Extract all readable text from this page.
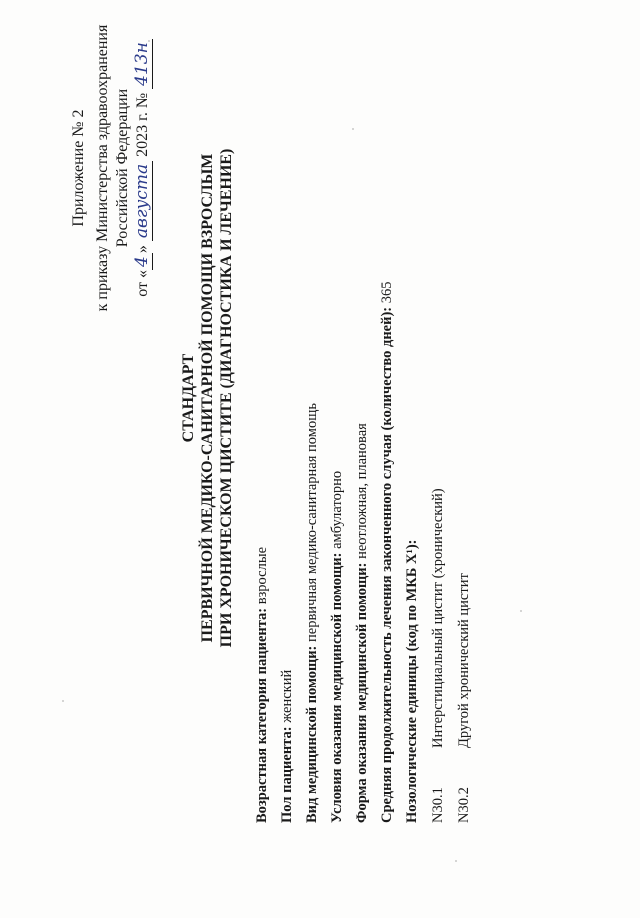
Приложение № 2 к приказу Министерства здравоохранения Российской Федерации
от «4» августа 2023 г. № 413н
СТАНДАРТ ПЕРВИЧНОЙ МЕДИКО-САНИТАРНОЙ ПОМОЩИ ВЗРОСЛЫМ ПРИ ХРОНИЧЕСКОМ ЦИСТИТЕ (ДИАГНОСТИКА И ЛЕЧЕНИЕ)
Возрастная категория пациента: взрослые
Пол пациента: женский Вид медицинской помощи: первичная медико-санитарная помощь
Условия оказания медицинской помощи: амбулаторно
Форма оказания медицинской помощи: неотложная, плановая Средняя продолжительность лечения законченного случая (количество дней): 365
Нозологические единицы (код по МКБ X¹): N30.1
Интерстициальный цистит (хронический)
N30.2
Другой хронический цистит
